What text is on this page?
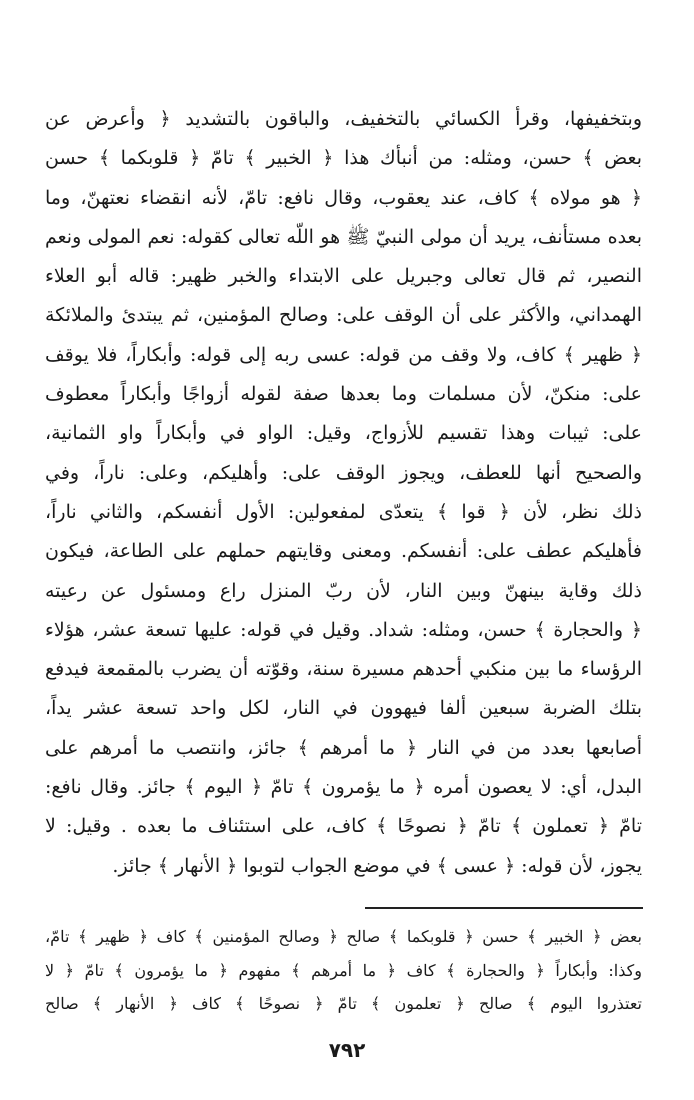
وبتخفيفها، وقرأ الكسائي بالتخفيف، والباقون بالتشديد ﴿ وأعرض عن
بعض ﴾ حسن، ومثله: من أنبأك هذا ﴿ الخبير ﴾ تامّ ﴿ قلوبكما ﴾ حسن
﴿ هو مولاه ﴾ كاف، عند يعقوب، وقال نافع: تامّ، لأنه انقضاء نعتهنّ، وما
بعده مستأنف، يريد أن مولى النبيّ ﷺ هو اللّه تعالى كقوله: نعم المولى ونعم
النصير، ثم قال تعالى وجبريل على الابتداء والخبر ظهير: قاله أبو العلاء
الهمداني، والأكثر على أن الوقف على: وصالح المؤمنين، ثم يبتدئ والملائكة
﴿ ظهير ﴾ كاف، ولا وقف من قوله: عسى ربه إلى قوله: وأبكاراً، فلا يوقف
على: منكنّ، لأن مسلمات وما بعدها صفة لقوله أزواجًا وأبكاراً معطوف
على: ثيبات وهذا تقسيم للأزواج، وقيل: الواو في وأبكاراً واو الثمانية،
والصحيح أنها للعطف، ويجوز الوقف على: وأهليكم، وعلى: ناراً، وفي
ذلك نظر، لأن ﴿ قوا ﴾ يتعدّى لمفعولين: الأول أنفسكم، والثاني ناراً،
فأهليكم عطف على: أنفسكم. ومعنى وقايتهم حملهم على الطاعة، فيكون
ذلك وقاية بينهنّ وبين النار، لأن ربّ المنزل راع ومسئول عن رعيته
﴿ والحجارة ﴾ حسن، ومثله: شداد. وقيل في قوله: عليها تسعة عشر، هؤلاء
الرؤساء ما بين منكبي أحدهم مسيرة سنة، وقوّته أن يضرب بالمقمعة فيدفع
بتلك الضربة سبعين ألفا فيهوون في النار، لكل واحد تسعة عشر يداً،
أصابعها بعدد من في النار ﴿ ما أمرهم ﴾ جائز، وانتصب ما أمرهم على
البدل، أي: لا يعصون أمره ﴿ ما يؤمرون ﴾ تامّ ﴿ اليوم ﴾ جائز. وقال نافع:
تامّ ﴿ تعملون ﴾ تامّ ﴿ نصوحًا ﴾ كاف، على استئناف ما بعده . وقيل: لا
يجوز، لأن قوله: ﴿ عسى ﴾ في موضع الجواب لتوبوا ﴿ الأنهار ﴾ جائز.
بعض ﴿ الخبير ﴾ حسن ﴿ قلوبكما ﴾ صالح ﴿ وصالح المؤمنين ﴾ كاف ﴿ ظهير ﴾ تامّ،
وكذا: وأبكاراً ﴿ والحجارة ﴾ كاف ﴿ ما أمرهم ﴾ مفهوم ﴿ ما يؤمرون ﴾ تامّ ﴿ لا
تعتذروا اليوم ﴾ صالح ﴿ تعلمون ﴾ تامّ ﴿ نصوحًا ﴾ كاف ﴿ الأنهار ﴾ صالح
٧٩٢
